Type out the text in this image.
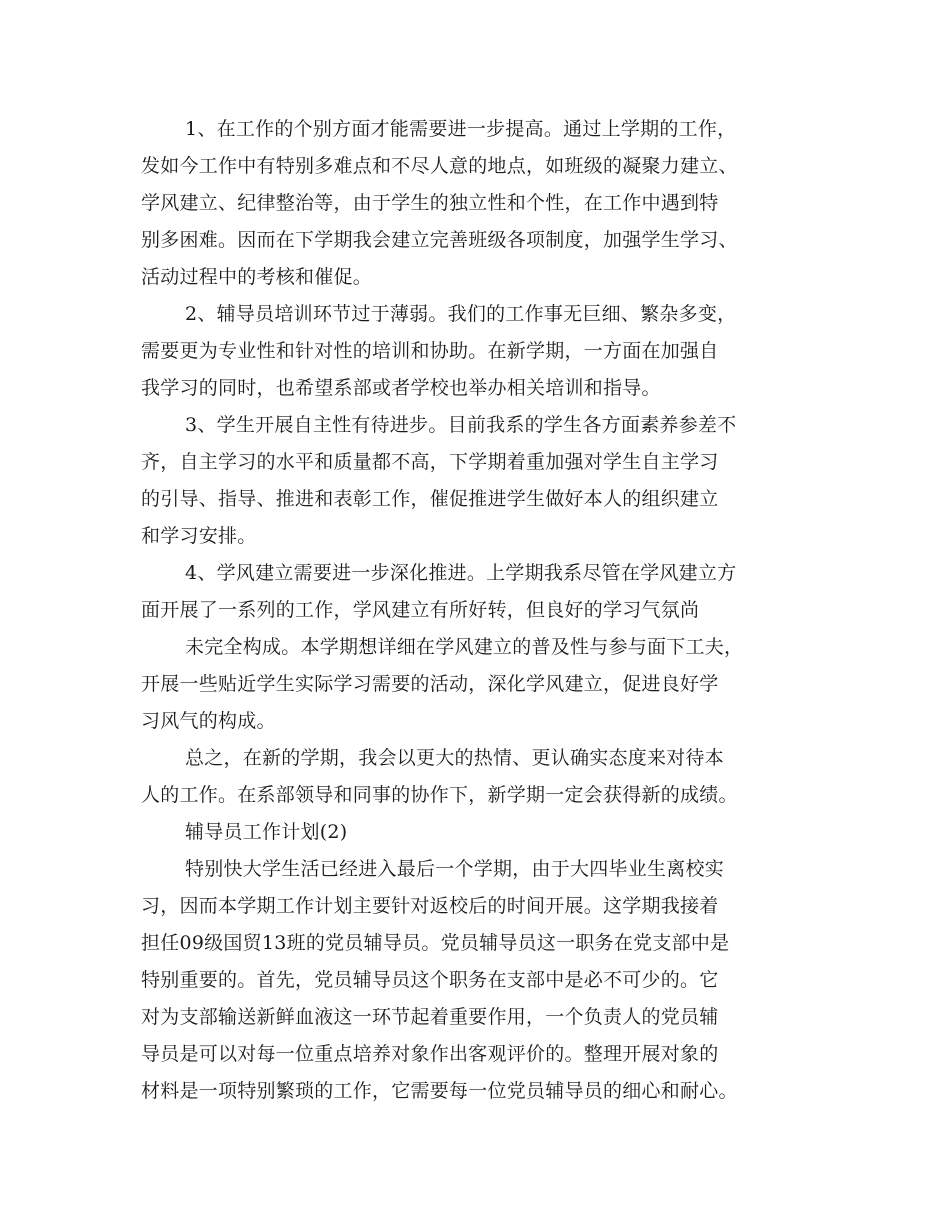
1、在工作的个别方面才能需要进一步提高。通过上学期的工作，
发如今工作中有特别多难点和不尽人意的地点，如班级的凝聚力建立、
学风建立、纪律整治等，由于学生的独立性和个性，在工作中遇到特
别多困难。因而在下学期我会建立完善班级各项制度，加强学生学习、
活动过程中的考核和催促。
2、辅导员培训环节过于薄弱。我们的工作事无巨细、繁杂多变，
需要更为专业性和针对性的培训和协助。在新学期，一方面在加强自
我学习的同时，也希望系部或者学校也举办相关培训和指导。
3、学生开展自主性有待进步。目前我系的学生各方面素养参差不
齐，自主学习的水平和质量都不高，下学期着重加强对学生自主学习
的引导、指导、推进和表彰工作，催促推进学生做好本人的组织建立
和学习安排。
4、学风建立需要进一步深化推进。上学期我系尽管在学风建立方
面开展了一系列的工作，学风建立有所好转，但良好的学习气氛尚
未完全构成。本学期想详细在学风建立的普及性与参与面下工夫，
开展一些贴近学生实际学习需要的活动，深化学风建立，促进良好学
习风气的构成。
总之，在新的学期，我会以更大的热情、更认确实态度来对待本
人的工作。在系部领导和同事的协作下，新学期一定会获得新的成绩。
辅导员工作计划(2)
特别快大学生活已经进入最后一个学期，由于大四毕业生离校实
习，因而本学期工作计划主要针对返校后的时间开展。这学期我接着
担任09级国贸13班的党员辅导员。党员辅导员这一职务在党支部中是
特别重要的。首先，党员辅导员这个职务在支部中是必不可少的。它
对为支部输送新鲜血液这一环节起着重要作用，一个负责人的党员辅
导员是可以对每一位重点培养对象作出客观评价的。整理开展对象的
材料是一项特别繁琐的工作，它需要每一位党员辅导员的细心和耐心。
